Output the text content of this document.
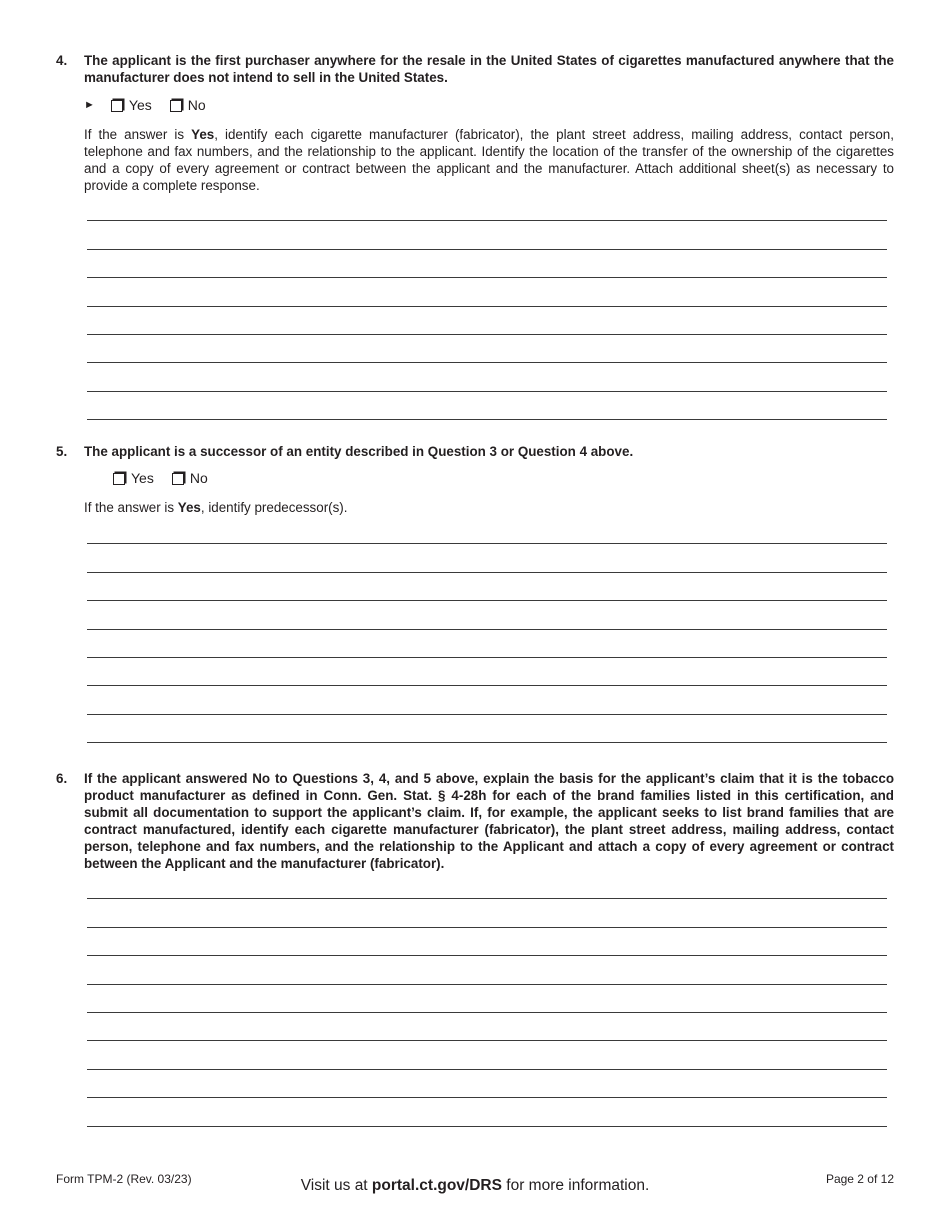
4. The applicant is the first purchaser anywhere for the resale in the United States of cigarettes manufactured anywhere that the manufacturer does not intend to sell in the United States.
► Yes	No
If the answer is Yes, identify each cigarette manufacturer (fabricator), the plant street address, mailing address, contact person, telephone and fax numbers, and the relationship to the applicant. Identify the location of the transfer of the ownership of the cigarettes and a copy of every agreement or contract between the applicant and the manufacturer. Attach additional sheet(s) as necessary to provide a complete response.
5. The applicant is a successor of an entity described in Question 3 or Question 4 above.
Yes	No
If the answer is Yes, identify predecessor(s).
6. If the applicant answered No to Questions 3, 4, and 5 above, explain the basis for the applicant’s claim that it is the tobacco product manufacturer as defined in Conn. Gen. Stat. § 4-28h for each of the brand families listed in this certification, and submit all documentation to support the applicant’s claim. If, for example, the applicant seeks to list brand families that are contract manufactured, identify each cigarette manufacturer (fabricator), the plant street address, mailing address, contact person, telephone and fax numbers, and the relationship to the Applicant and attach a copy of every agreement or contract between the Applicant and the manufacturer (fabricator).
Form TPM-2 (Rev. 03/23)	Visit us at portal.ct.gov/DRS for more information.	Page 2 of 12
